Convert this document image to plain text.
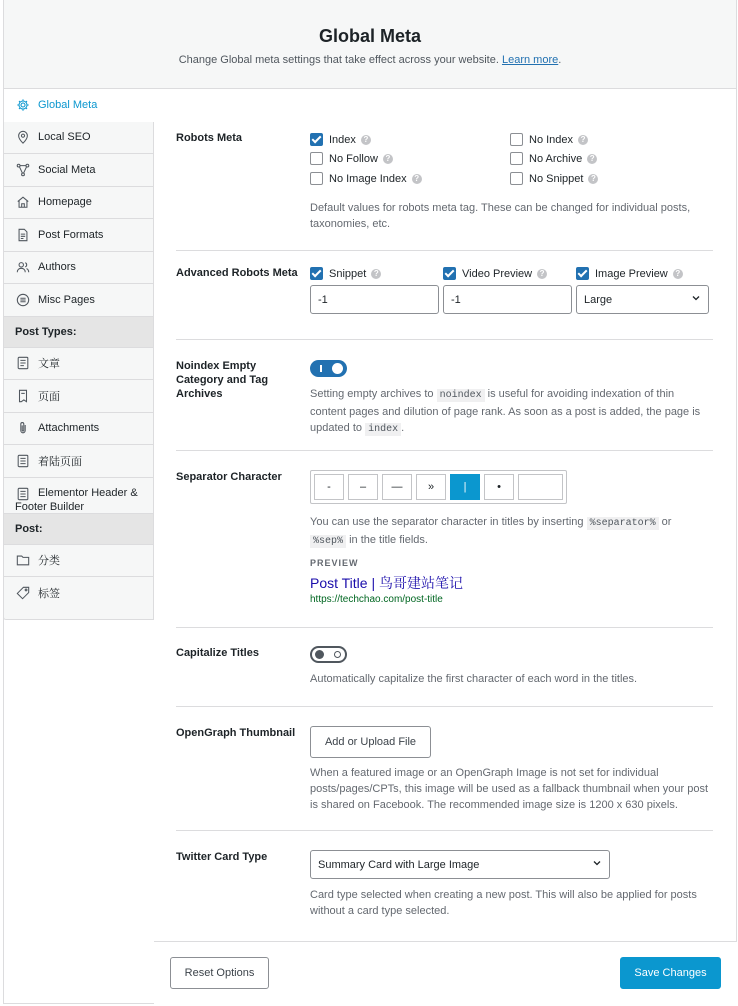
Global Meta
Change Global meta settings that take effect across your website. Learn more.
Global Meta
Local SEO
Social Meta
Homepage
Post Formats
Authors
Misc Pages
Post Types:
文章
页面
Attachments
着陆页面
Elementor Header & Footer Builder
Post:
分类
标签
Robots Meta	Index ?	No Index ?
No Follow ?	No Archive ?
No Image Index ?	No Snippet ?
Default values for robots meta tag. These can be changed for individual posts, taxonomies, etc.
Advanced Robots Meta	Snippet ?	Video Preview ?	Image Preview ?
-1	-1	Large
Noindex Empty Category and Tag Archives	Setting empty archives to noindex is useful for avoiding indexation of thin content pages and dilution of page rank. As soon as a post is added, the page is updated to index .
Separator Character
-	–	—	»	|	•
You can use the separator character in titles by inserting %separator% or
%sep% in the title fields.
PREVIEW
Post Title | 鸟哥建站笔记
https://techchao.com/post-title
Capitalize Titles
Automatically capitalize the first character of each word in the titles.
OpenGraph Thumbnail
Add or Upload File
When a featured image or an OpenGraph Image is not set for individual posts/pages/CPTs, this image will be used as a fallback thumbnail when your post is shared on Facebook. The recommended image size is 1200 x 630 pixels.
Twitter Card Type
Summary Card with Large Image
Card type selected when creating a new post. This will also be applied for posts without a card type selected.
Reset Options	Save Changes
